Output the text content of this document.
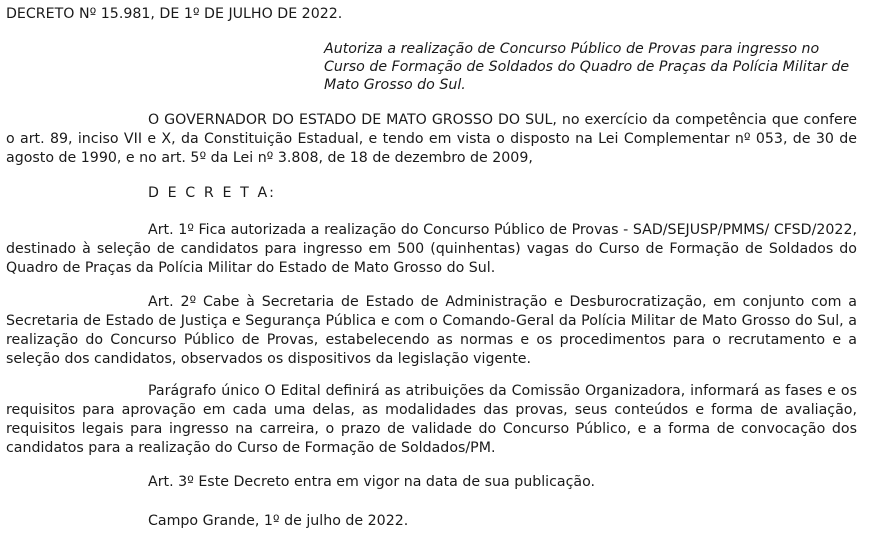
DECRETO Nº 15.981, DE 1º DE JULHO DE 2022.
Autoriza a realização de Concurso Público de Provas para ingresso no Curso de Formação de Soldados do Quadro de Praças da Polícia Militar de Mato Grosso do Sul.
O GOVERNADOR DO ESTADO DE MATO GROSSO DO SUL, no exercício da competência que confere o art. 89, inciso VII e X, da Constituição Estadual, e tendo em vista o disposto na Lei Complementar nº 053, de 30 de agosto de 1990, e no art. 5º da Lei nº 3.808, de 18 de dezembro de 2009,
D E C R E T A:
Art. 1º Fica autorizada a realização do Concurso Público de Provas - SAD/SEJUSP/PMMS/ CFSD/2022, destinado à seleção de candidatos para ingresso em 500 (quinhentas) vagas do Curso de Formação de Soldados do Quadro de Praças da Polícia Militar do Estado de Mato Grosso do Sul.
Art. 2º Cabe à Secretaria de Estado de Administração e Desburocratização, em conjunto com a Secretaria de Estado de Justiça e Segurança Pública e com o Comando-Geral da Polícia Militar de Mato Grosso do Sul, a realização do Concurso Público de Provas, estabelecendo as normas e os procedimentos para o recrutamento e a seleção dos candidatos, observados os dispositivos da legislação vigente.
Parágrafo único O Edital definirá as atribuições da Comissão Organizadora, informará as fases e os requisitos para aprovação em cada uma delas, as modalidades das provas, seus conteúdos e forma de avaliação, requisitos legais para ingresso na carreira, o prazo de validade do Concurso Público, e a forma de convocação dos candidatos para a realização do Curso de Formação de Soldados/PM.
Art. 3º Este Decreto entra em vigor na data de sua publicação.
Campo Grande, 1º de julho de 2022.
